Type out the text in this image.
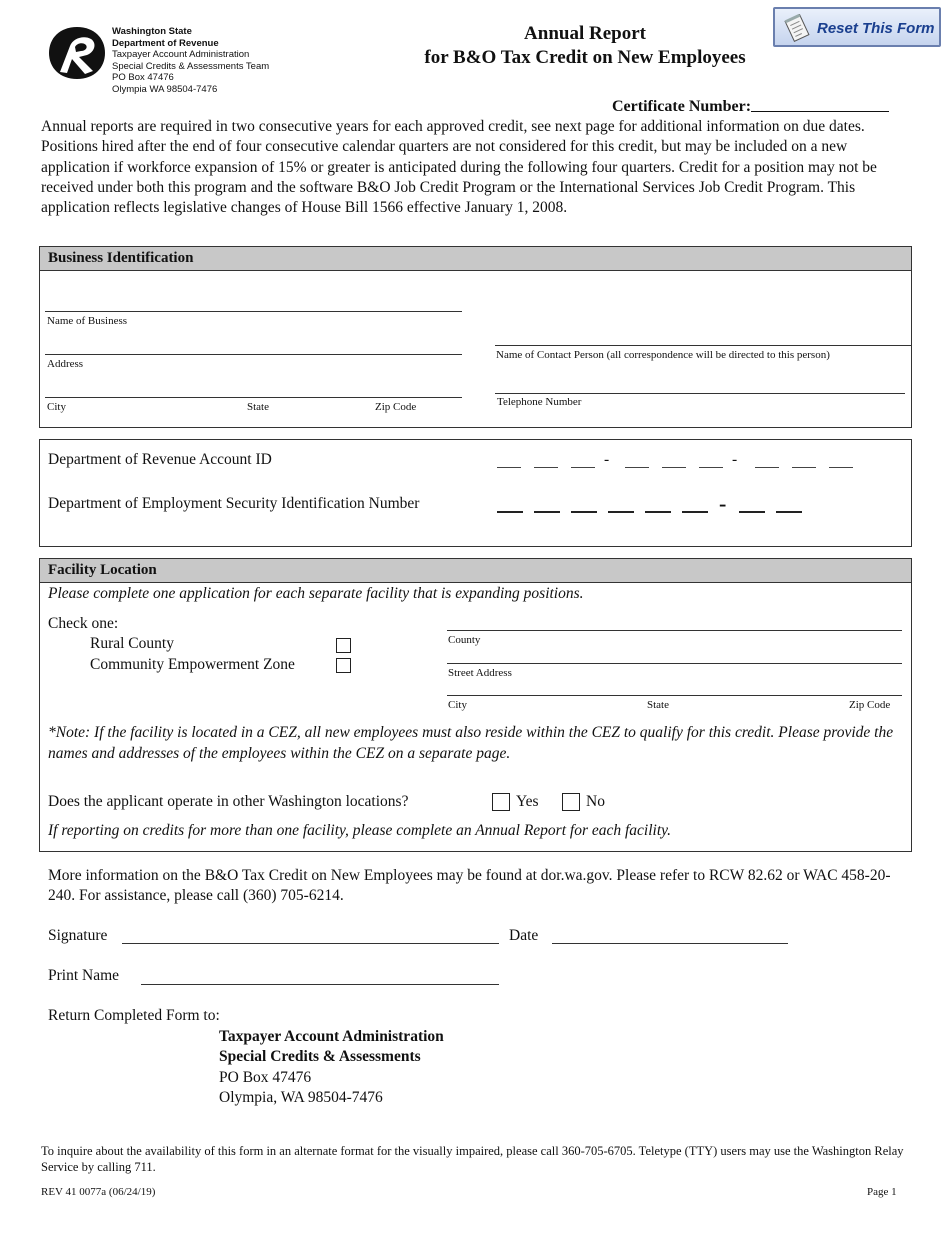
Washington State
Department of Revenue
Taxpayer Account Administration
Special Credits & Assessments Team
PO Box 47476
Olympia WA 98504-7476
Annual Report
for B&O Tax Credit on New Employees
Reset This Form
Certificate Number:
Annual reports are required in two consecutive years for each approved credit, see next page for additional information on due dates. Positions hired after the end of four consecutive calendar quarters are not considered for this credit, but may be included on a new application if workforce expansion of 15% or greater is anticipated during the following four quarters. Credit for a position may not be received under both this program and the software B&O Job Credit Program or the International Services Job Credit Program. This application reflects legislative changes of House Bill 1566 effective January 1, 2008.
Business Identification
Name of Business
Address
City	State	Zip Code
Name of Contact Person (all correspondence will be directed to this person)
Telephone Number
Department of Revenue Account ID	-	-
Department of Employment Security Identification Number	-
Facility Location
Please complete one application for each separate facility that is expanding positions.
Check one:
Rural County
Community Empowerment Zone
County
Street Address
City	State	Zip Code
*Note: If the facility is located in a CEZ, all new employees must also reside within the CEZ to qualify for this credit. Please provide the names and addresses of the employees within the CEZ on a separate page.
Does the applicant operate in other Washington locations?	Yes	No
If reporting on credits for more than one facility, please complete an Annual Report for each facility.
More information on the B&O Tax Credit on New Employees may be found at dor.wa.gov. Please refer to RCW 82.62 or WAC 458-20-240. For assistance, please call (360) 705-6214.
Signature	Date
Print Name
Return Completed Form to:
Taxpayer Account Administration
Special Credits & Assessments
PO Box 47476
Olympia, WA 98504-7476
To inquire about the availability of this form in an alternate format for the visually impaired, please call 360-705-6705. Teletype (TTY) users may use the Washington Relay Service by calling 711.
REV 41 0077a (06/24/19)	Page 1
